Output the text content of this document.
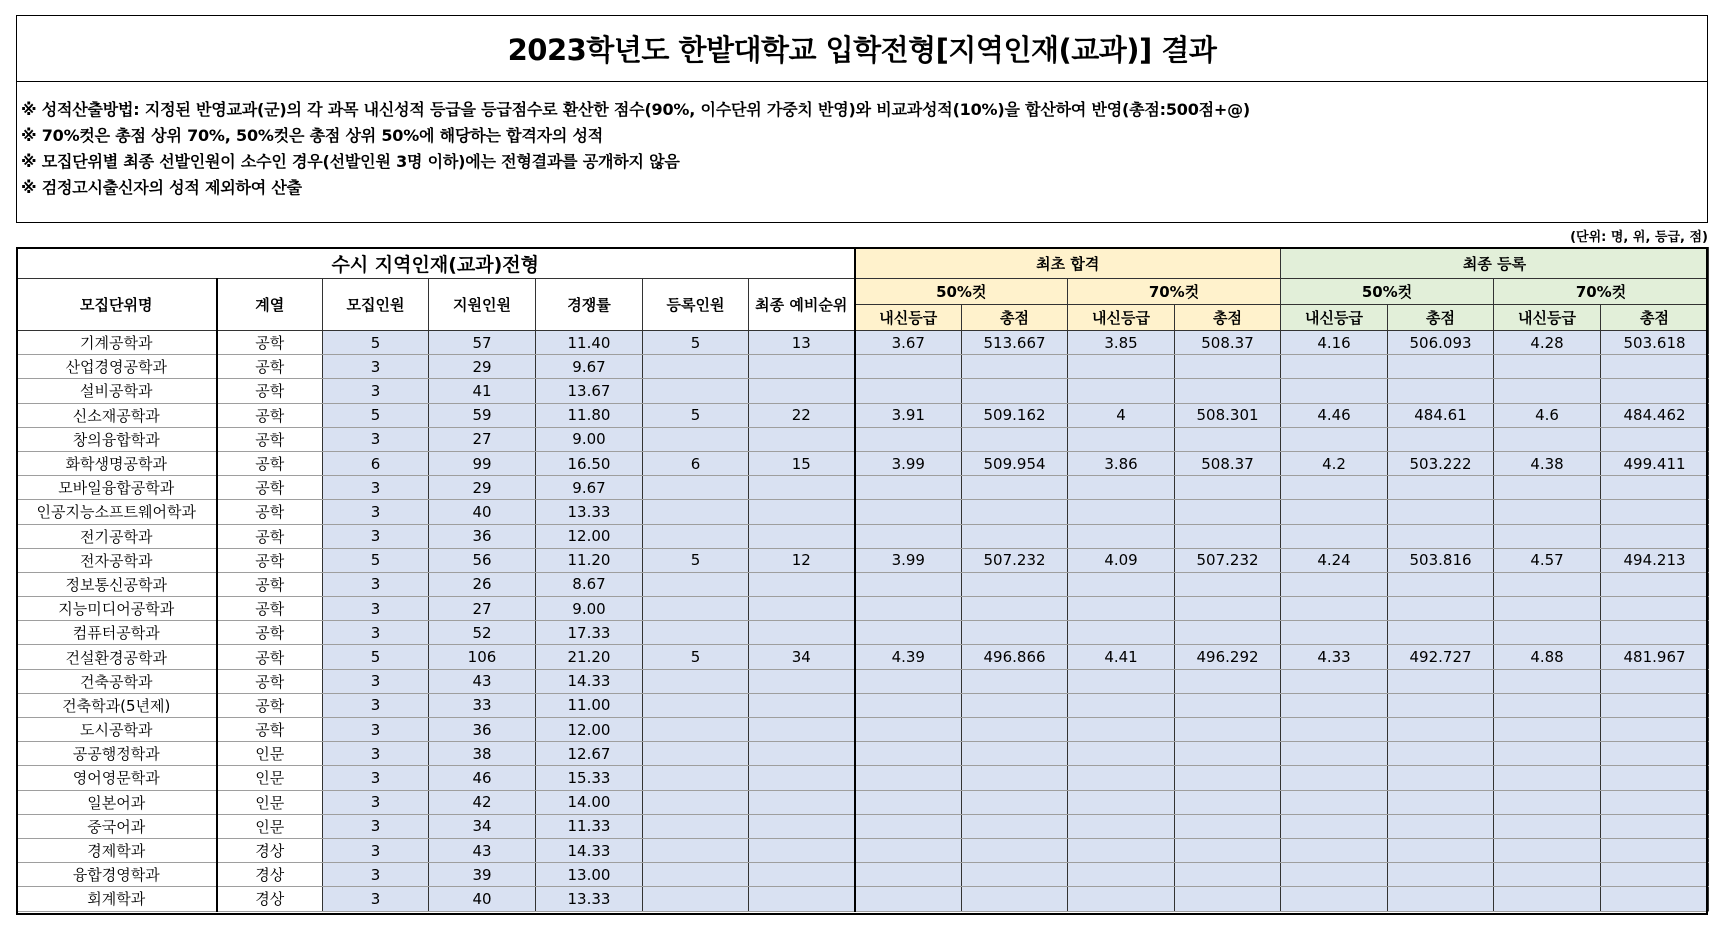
2023학년도 한밭대학교 입학전형[지역인재(교과)] 결과
※ 성적산출방법: 지정된 반영교과(군)의 각 과목 내신성적 등급을 등급점수로 환산한 점수(90%, 이수단위 가중치 반영)와 비교과성적(10%)을 합산하여 반영(총점:500점+@)
※ 70%컷은 총점 상위 70%, 50%컷은 총점 상위 50%에 해당하는 합격자의 성적
※ 모집단위별 최종 선발인원이 소수인 경우(선발인원 3명 이하)에는 전형결과를 공개하지 않음
※ 검정고시출신자의 성적 제외하여 산출
(단위: 명, 위, 등급, 점)
수시 지역인재(교과)전형							최초 합격				최종 등록			
모집단위명	계열	모집인원	지원인원	경쟁률	등록인원	최종 예비순위	50%컷		70%컷		50%컷		70%컷	
							내신등급	총점	내신등급	총점	내신등급	총점	내신등급	총점
기계공학과	공학	5	57	11.40	5	13	3.67	513.667	3.85	508.37	4.16	506.093	4.28	503.618
산업경영공학과	공학	3	29	9.67										
설비공학과	공학	3	41	13.67										
신소재공학과	공학	5	59	11.80	5	22	3.91	509.162	4	508.301	4.46	484.61	4.6	484.462
창의융합학과	공학	3	27	9.00										
화학생명공학과	공학	6	99	16.50	6	15	3.99	509.954	3.86	508.37	4.2	503.222	4.38	499.411
모바일융합공학과	공학	3	29	9.67										
인공지능소프트웨어학과	공학	3	40	13.33										
전기공학과	공학	3	36	12.00										
전자공학과	공학	5	56	11.20	5	12	3.99	507.232	4.09	507.232	4.24	503.816	4.57	494.213
정보통신공학과	공학	3	26	8.67										
지능미디어공학과	공학	3	27	9.00										
컴퓨터공학과	공학	3	52	17.33										
건설환경공학과	공학	5	106	21.20	5	34	4.39	496.866	4.41	496.292	4.33	492.727	4.88	481.967
건축공학과	공학	3	43	14.33										
건축학과(5년제)	공학	3	33	11.00										
도시공학과	공학	3	36	12.00										
공공행정학과	인문	3	38	12.67										
영어영문학과	인문	3	46	15.33										
일본어과	인문	3	42	14.00										
중국어과	인문	3	34	11.33										
경제학과	경상	3	43	14.33										
융합경영학과	경상	3	39	13.00										
회계학과	경상	3	40	13.33										
